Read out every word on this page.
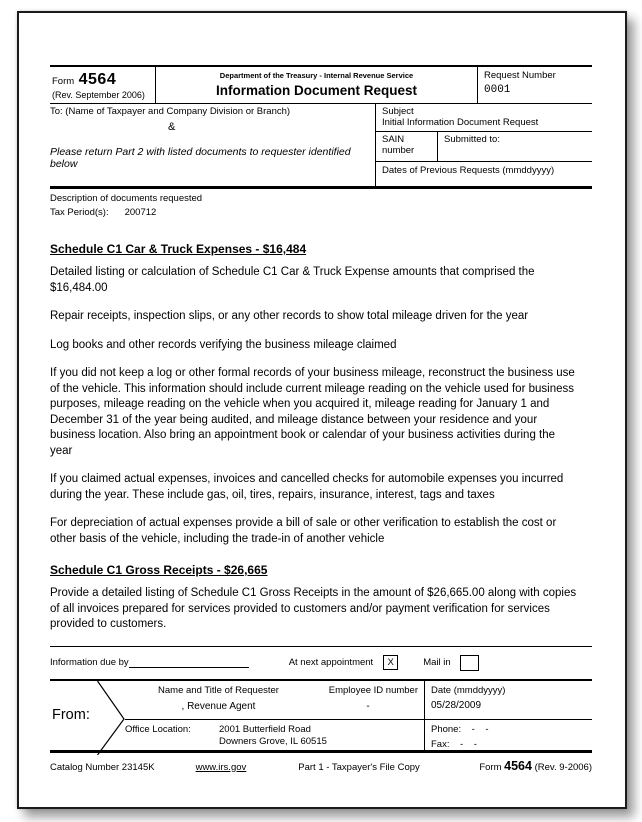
Form 4564
(Rev. September 2006)
Department of the Treasury - Internal Revenue Service
Information Document Request
Request Number
0001
To: (Name of Taxpayer and Company Division or Branch)
&
Please return Part 2 with listed documents to requester identified below
Subject
Initial Information Document Request
SAIN number
Submitted to:
Dates of Previous Requests (mmddyyyy)
Description of documents requested
Tax Period(s): 200712
Schedule C1 Car & Truck Expenses - $16,484

Detailed listing or calculation of Schedule C1 Car & Truck Expense amounts that comprised the $16,484.00

Repair receipts, inspection slips, or any other records to show total mileage driven for the year

Log books and other records verifying the business mileage claimed

If you did not keep a log or other formal records of your business mileage, reconstruct the business use of the vehicle. This information should include current mileage reading on the vehicle used for business purposes, mileage reading on the vehicle when you acquired it, mileage reading for January 1 and December 31 of the year being audited, and mileage distance between your residence and your business location. Also bring an appointment book or calendar of your business activities during the year

If you claimed actual expenses, invoices and cancelled checks for automobile expenses you incurred during the year. These include gas, oil, tires, repairs, insurance, interest, tags and taxes

For depreciation of actual expenses provide a bill of sale or other verification to establish the cost or other basis of the vehicle, including the trade-in of another vehicle

Schedule C1 Gross Receipts - $26,665

Provide a detailed listing of Schedule C1 Gross Receipts in the amount of $26,665.00 along with copies of all invoices prepared for services provided to customers and/or payment verification for services provided to customers.

Information due by	At next appointment	X	Mail in
From:
Name and Title of Requester
, Revenue Agent
Employee ID number
-
Date (mmddyyyy)
05/28/2009
Office Location:	2001 Butterfield Road
Downers Grove, IL 60515
Phone:    -    -
Fax:    -    -
Catalog Number 23145K	www.irs.gov	Part 1 - Taxpayer's File Copy	Form 4564 (Rev. 9-2006)
